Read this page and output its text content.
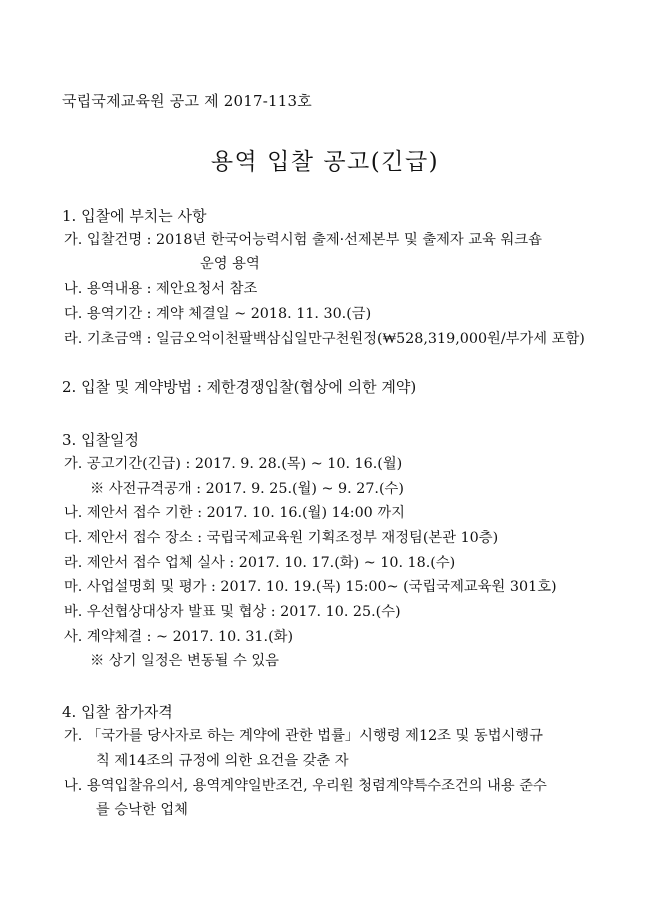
국립국제교육원 공고 제 2017-113호
용역 입찰 공고(긴급)
1. 입찰에 부치는 사항
가. 입찰건명 : 2018년 한국어능력시험 출제·선제본부 및 출제자 교육 워크숍
운영 용역
나. 용역내용 : 제안요청서 참조
다. 용역기간 : 계약 체결일 ~ 2018. 11. 30.(금)
라. 기초금액 : 일금오억이천팔백삼십일만구천원정(₩528,319,000원/부가세 포함)
2. 입찰 및 계약방법 : 제한경쟁입찰(협상에 의한 계약)
3. 입찰일정
가. 공고기간(긴급) : 2017. 9. 28.(목) ~ 10. 16.(월)
※ 사전규격공개 : 2017. 9. 25.(월) ~ 9. 27.(수)
나. 제안서 접수 기한 : 2017. 10. 16.(월) 14:00 까지
다. 제안서 접수 장소 : 국립국제교육원 기획조정부 재정팀(본관 10층)
라. 제안서 접수 업체 실사 : 2017. 10. 17.(화) ~ 10. 18.(수)
마. 사업설명회 및 평가 : 2017. 10. 19.(목) 15:00~ (국립국제교육원 301호)
바. 우선협상대상자 발표 및 협상 : 2017. 10. 25.(수)
사. 계약체결 : ~ 2017. 10. 31.(화)
※ 상기 일정은 변동될 수 있음
4. 입찰 참가자격
가. 「국가를 당사자로 하는 계약에 관한 법률」시행령 제12조 및 동법시행규
칙 제14조의 규정에 의한 요건을 갖춘 자
나. 용역입찰유의서, 용역계약일반조건, 우리원 청렴계약특수조건의 내용 준수
를 승낙한 업체
